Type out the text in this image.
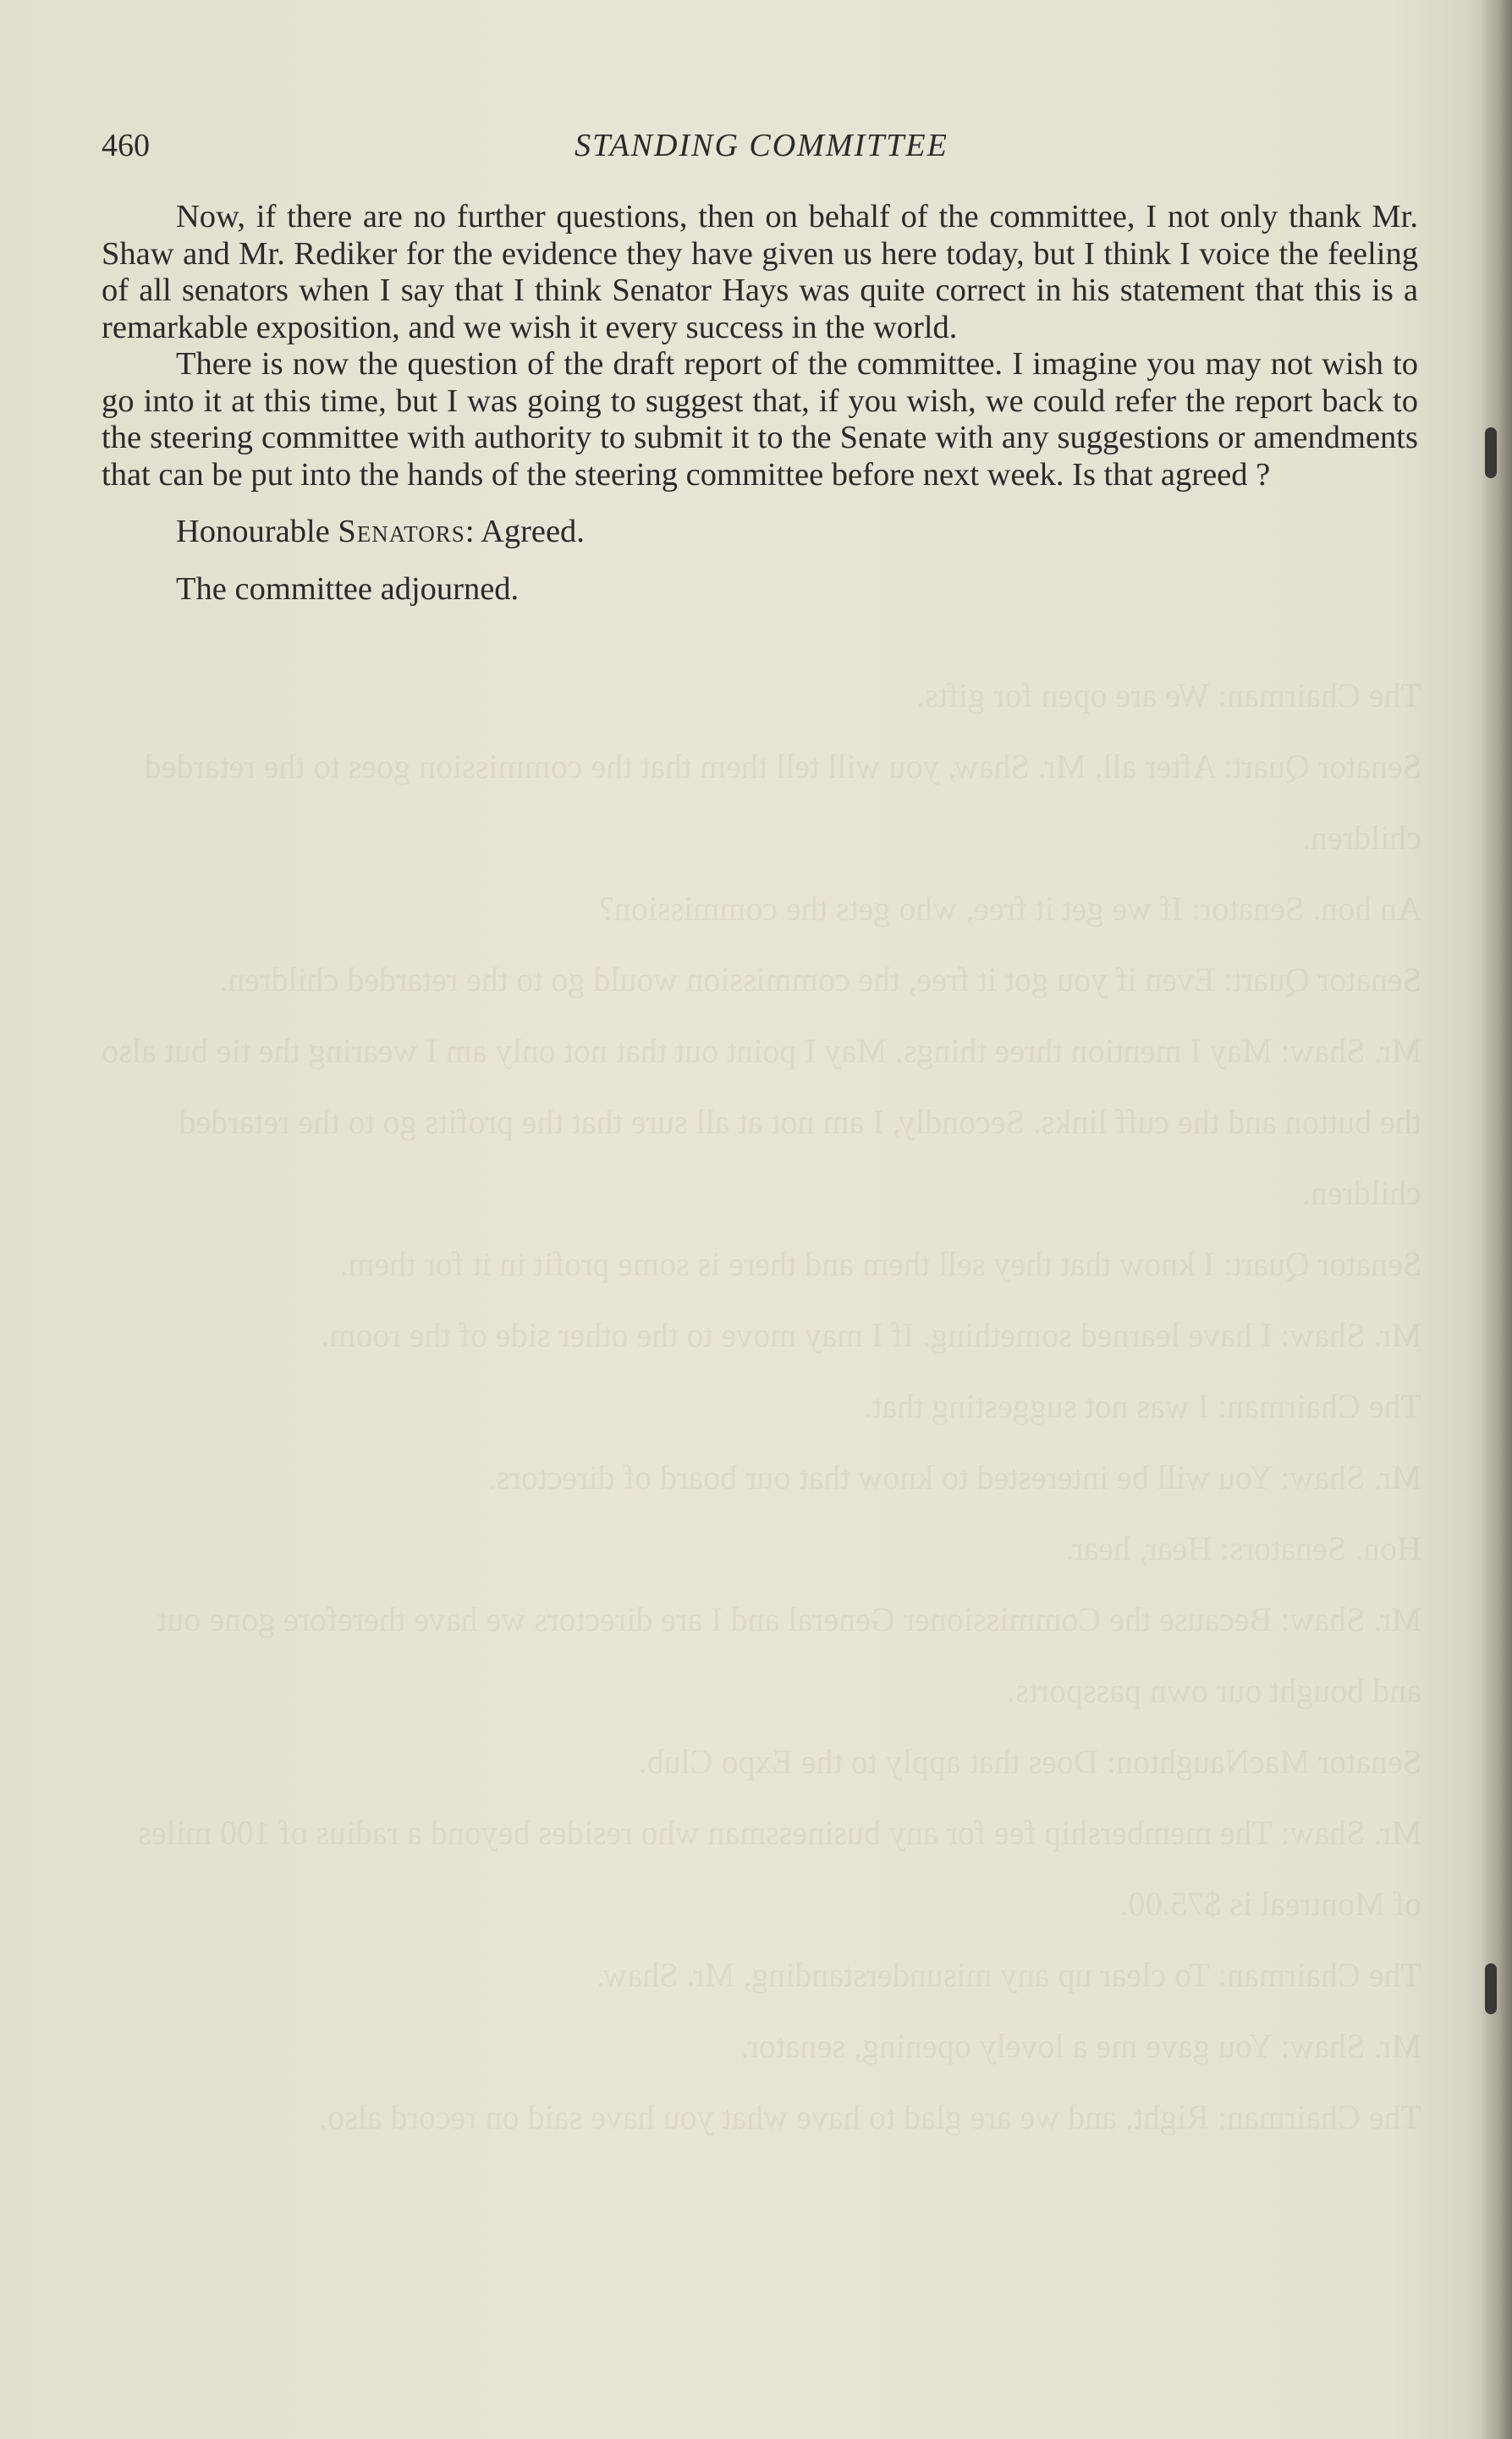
The Chairman: We are open for gifts.
Senator Quart: After all, Mr. Shaw, you will tell them that the commission goes to the retarded children.
An hon. Senator: If we get it free, who gets the commission?
Senator Quart: Even if you got it free, the commission would go to the retarded children.
Mr. Shaw: May I mention three things. May I point out that not only am I wearing the tie but also the button and the cuff links. Secondly, I am not at all sure that the profits go to the retarded children.
Senator Quart: I know that they sell them and there is some profit in it for them.
Mr. Shaw: I have learned something. If I may move to the other side of the room.
The Chairman: I was not suggesting that.
Mr. Shaw: You will be interested to know that our board of directors.
Hon. Senators: Hear, hear.
Mr. Shaw: Because the Commissioner General and I are directors we have therefore gone out and bought our own passports.
Senator MacNaughton: Does that apply to the Expo Club.
Mr. Shaw: The membership fee for any businessman who resides beyond a radius of 100 miles of Montreal is $75.00.
The Chairman: To clear up any misunderstanding, Mr. Shaw.
Mr. Shaw: You gave me a lovely opening, senator.
The Chairman: Right, and we are glad to have what you have said on record also.
460	STANDING COMMITTEE

Now, if there are no further questions, then on behalf of the committee, I not only thank Mr. Shaw and Mr. Rediker for the evidence they have given us here today, but I think I voice the feeling of all senators when I say that I think Senator Hays was quite correct in his statement that this is a remarkable exposition, and we wish it every success in the world.

There is now the question of the draft report of the committee. I imagine you may not wish to go into it at this time, but I was going to suggest that, if you wish, we could refer the report back to the steering committee with authority to submit it to the Senate with any suggestions or amendments that can be put into the hands of the steering committee before next week. Is that agreed ?

Honourable Senators: Agreed.

The committee adjourned.
